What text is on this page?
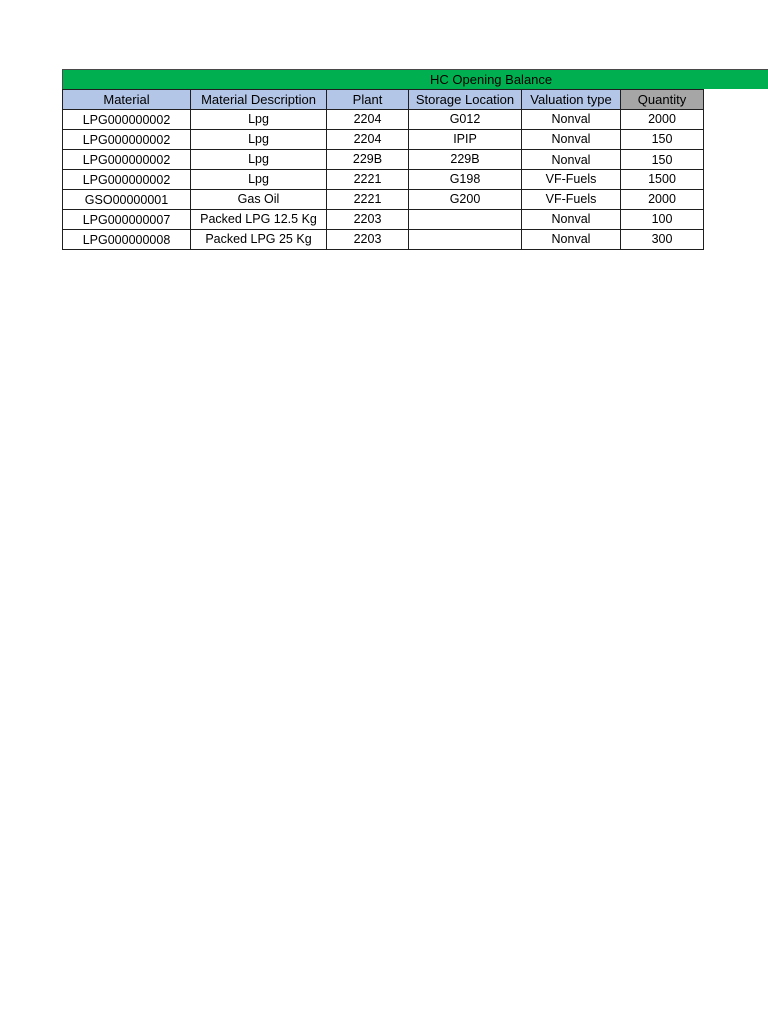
HC Opening Balance
Material	Material Description	Plant	Storage Location	Valuation type	Quantity
LPG000000002	Lpg	2204	G012	Nonval	2000
LPG000000002	Lpg	2204	IPIP	Nonval	150
LPG000000002	Lpg	229B	229B	Nonval	150
LPG000000002	Lpg	2221	G198	VF-Fuels	1500
GSO00000001	Gas Oil	2221	G200	VF-Fuels	2000
LPG000000007	Packed LPG 12.5 Kg	2203		Nonval	100
LPG000000008	Packed LPG 25 Kg	2203		Nonval	300
